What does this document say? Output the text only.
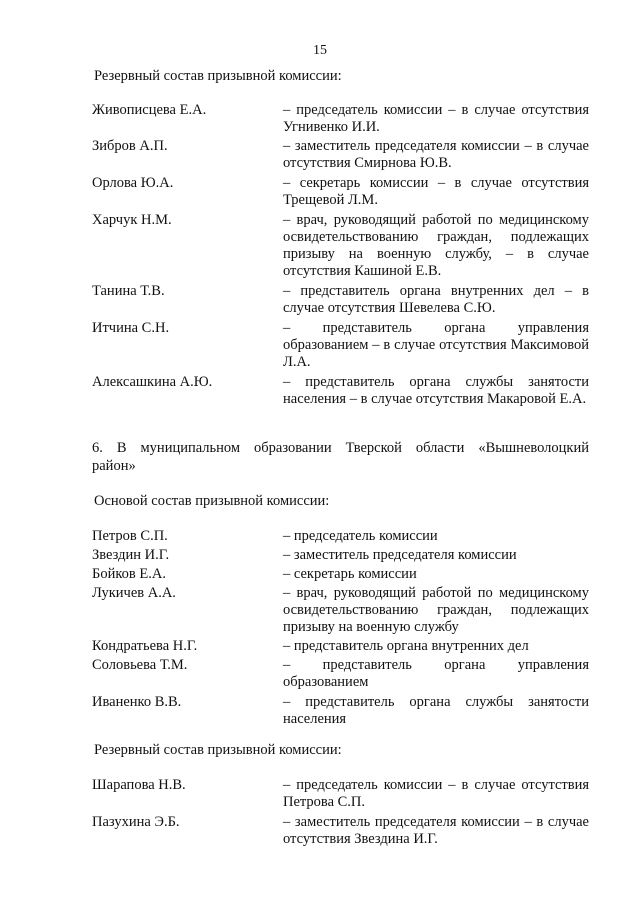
15
Резервный состав призывной комиссии:
Живописцева Е.А.	– председатель комиссии – в случае отсутствия Угнивенко И.И.
Зибров А.П.	– заместитель председателя комиссии – в случае отсутствия Смирнова Ю.В.
Орлова Ю.А.	– секретарь комиссии – в случае отсутствия Трещевой Л.М.
Харчук Н.М.	– врач, руководящий работой по медицинскому освидетельствованию граждан, подлежащих призыву на военную службу, – в случае отсутствия Кашиной Е.В.
Танина Т.В.	– представитель органа внутренних дел – в случае отсутствия Шевелева С.Ю.
Итчина С.Н.	– представитель органа управления образованием – в случае отсутствия Максимовой Л.А.
Алексашкина А.Ю.	– представитель органа службы занятости населения – в случае отсутствия Макаровой Е.А.
6. В муниципальном образовании Тверской области «Вышневолоцкий район»
Основой состав призывной комиссии:
Петров С.П.	– председатель комиссии
Звездин И.Г.	– заместитель председателя комиссии
Бойков Е.А.	– секретарь комиссии
Лукичев А.А.	– врач, руководящий работой по медицинскому освидетельствованию граждан, подлежащих призыву на военную службу
Кондратьева Н.Г.	– представитель органа внутренних дел
Соловьева Т.М.	– представитель органа управления образованием
Иваненко В.В.	– представитель органа службы занятости населения
Резервный состав призывной комиссии:
Шарапова Н.В.	– председатель комиссии – в случае отсутствия Петрова С.П.
Пазухина Э.Б.	– заместитель председателя комиссии – в случае отсутствия Звездина И.Г.
